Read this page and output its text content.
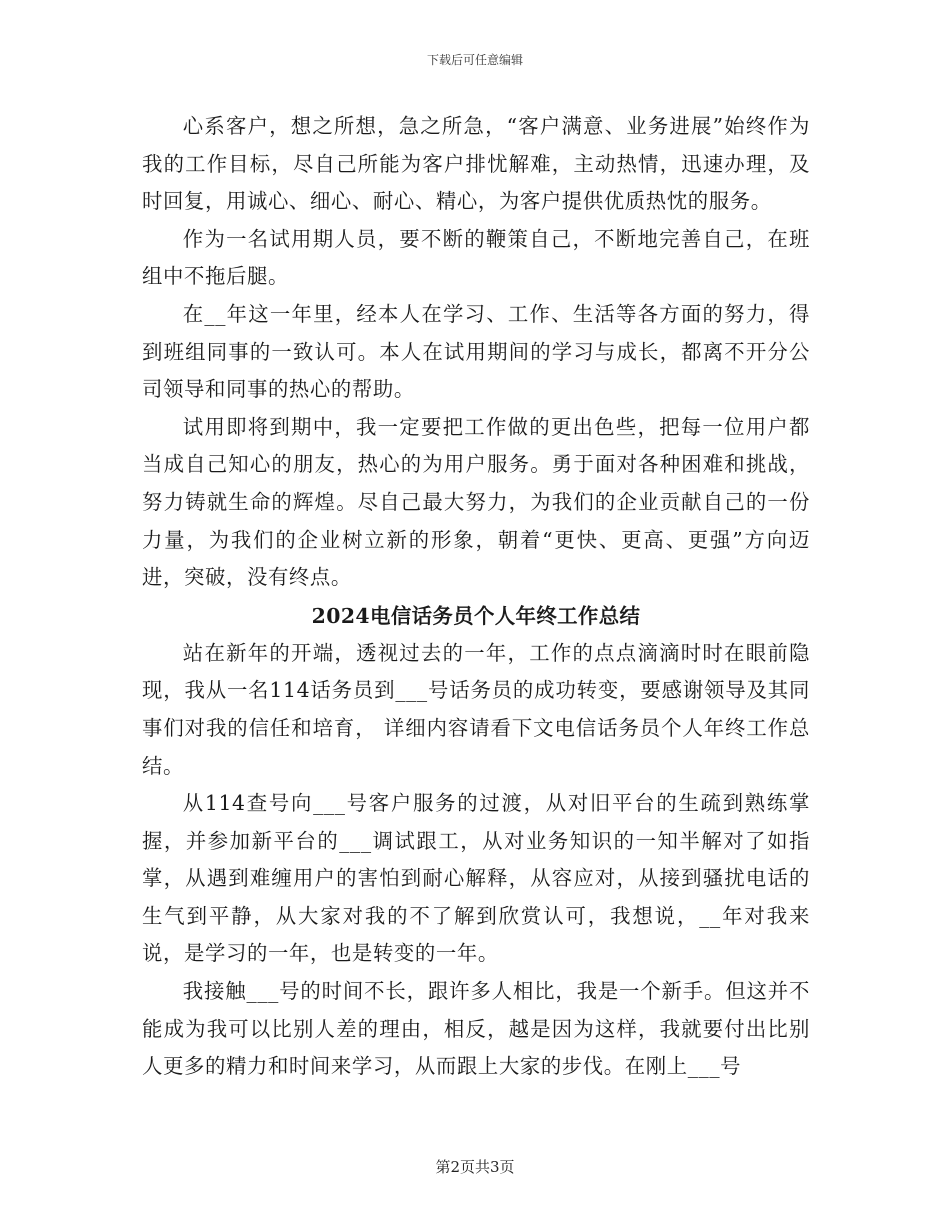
下载后可任意编辑

心系客户，想之所想，急之所急，“客户满意、业务进展”始终作为我的工作目标，尽自己所能为客户排忧解难，主动热情，迅速办理，及时回复，用诚心、细心、耐心、精心，为客户提供优质热忱的服务。

作为一名试用期人员，要不断的鞭策自己，不断地完善自己，在班组中不拖后腿。

在__年这一年里，经本人在学习、工作、生活等各方面的努力，得到班组同事的一致认可。本人在试用期间的学习与成长，都离不开分公司领导和同事的热心的帮助。

试用即将到期中，我一定要把工作做的更出色些，把每一位用户都当成自己知心的朋友，热心的为用户服务。勇于面对各种困难和挑战，努力铸就生命的辉煌。尽自己最大努力，为我们的企业贡献自己的一份力量，为我们的企业树立新的形象，朝着“更快、更高、更强”方向迈进，突破，没有终点。

2024电信话务员个人年终工作总结

站在新年的开端，透视过去的一年，工作的点点滴滴时时在眼前隐现，我从一名114话务员到___号话务员的成功转变，要感谢领导及其同事们对我的信任和培育， 详细内容请看下文电信话务员个人年终工作总结。

从114查号向___号客户服务的过渡，从对旧平台的生疏到熟练掌握，并参加新平台的___调试跟工，从对业务知识的一知半解对了如指掌，从遇到难缠用户的害怕到耐心解释，从容应对，从接到骚扰电话的生气到平静，从大家对我的不了解到欣赏认可，我想说，__年对我来说，是学习的一年，也是转变的一年。

我接触___号的时间不长，跟许多人相比，我是一个新手。但这并不能成为我可以比别人差的理由，相反，越是因为这样，我就要付出比别人更多的精力和时间来学习，从而跟上大家的步伐。在刚上___号

第2页共3页
